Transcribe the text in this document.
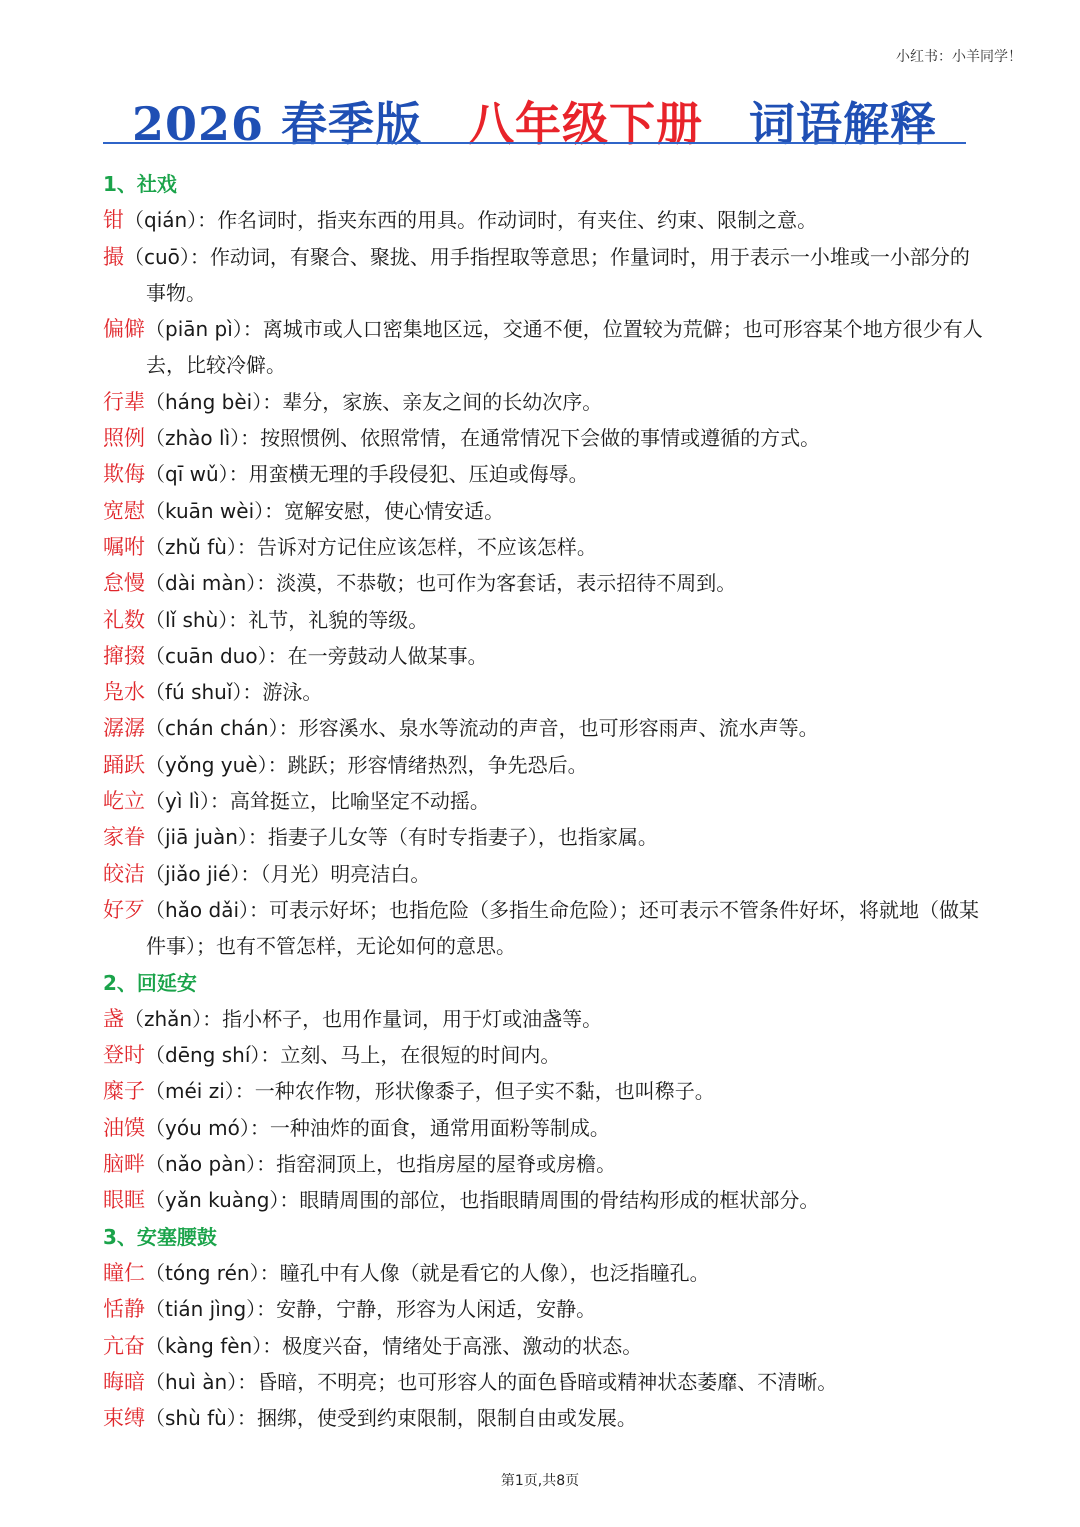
小红书：小羊同学！
2026 春季版 八年级下册 词语解释
1、社戏
钳（qián）：作名词时，指夹东西的用具。作动词时，有夹住、约束、限制之意。
撮（cuō）：作动词，有聚合、聚拢、用手指捏取等意思；作量词时，用于表示一小堆或一小部分的事物。
偏僻（piān pì）：离城市或人口密集地区远，交通不便，位置较为荒僻；也可形容某个地方很少有人去，比较冷僻。
行辈（háng bèi）：辈分，家族、亲友之间的长幼次序。
照例（zhào lì）：按照惯例、依照常情，在通常情况下会做的事情或遵循的方式。
欺侮（qī wǔ）：用蛮横无理的手段侵犯、压迫或侮辱。
宽慰（kuān wèi）：宽解安慰，使心情安适。
嘱咐（zhǔ fù）：告诉对方记住应该怎样，不应该怎样。
怠慢（dài màn）：淡漠，不恭敬；也可作为客套话，表示招待不周到。
礼数（lǐ shù）：礼节，礼貌的等级。
撺掇（cuān duo）：在一旁鼓动人做某事。
凫水（fú shuǐ）：游泳。
潺潺（chán chán）：形容溪水、泉水等流动的声音，也可形容雨声、流水声等。
踊跃（yǒng yuè）：跳跃；形容情绪热烈，争先恐后。
屹立（yì lì）：高耸挺立，比喻坚定不动摇。
家眷（jiā juàn）：指妻子儿女等（有时专指妻子），也指家属。
皎洁（jiǎo jié）：（月光）明亮洁白。
好歹（hǎo dǎi）：可表示好坏；也指危险（多指生命危险）；还可表示不管条件好坏，将就地（做某件事）；也有不管怎样，无论如何的意思。
2、回延安
盏（zhǎn）：指小杯子，也用作量词，用于灯或油盏等。
登时（dēng shí）：立刻、马上，在很短的时间内。
糜子（méi zi）：一种农作物，形状像黍子，但子实不黏，也叫穄子。
油馍（yóu mó）：一种油炸的面食，通常用面粉等制成。
脑畔（nǎo pàn）：指窑洞顶上，也指房屋的屋脊或房檐。
眼眶（yǎn kuàng）：眼睛周围的部位，也指眼睛周围的骨结构形成的框状部分。
3、安塞腰鼓
瞳仁（tóng rén）：瞳孔中有人像（就是看它的人像），也泛指瞳孔。
恬静（tián jìng）：安静，宁静，形容为人闲适，安静。
亢奋（kàng fèn）：极度兴奋，情绪处于高涨、激动的状态。
晦暗（huì àn）：昏暗，不明亮；也可形容人的面色昏暗或精神状态萎靡、不清晰。
束缚（shù fù）：捆绑，使受到约束限制，限制自由或发展。
第1页,共8页
